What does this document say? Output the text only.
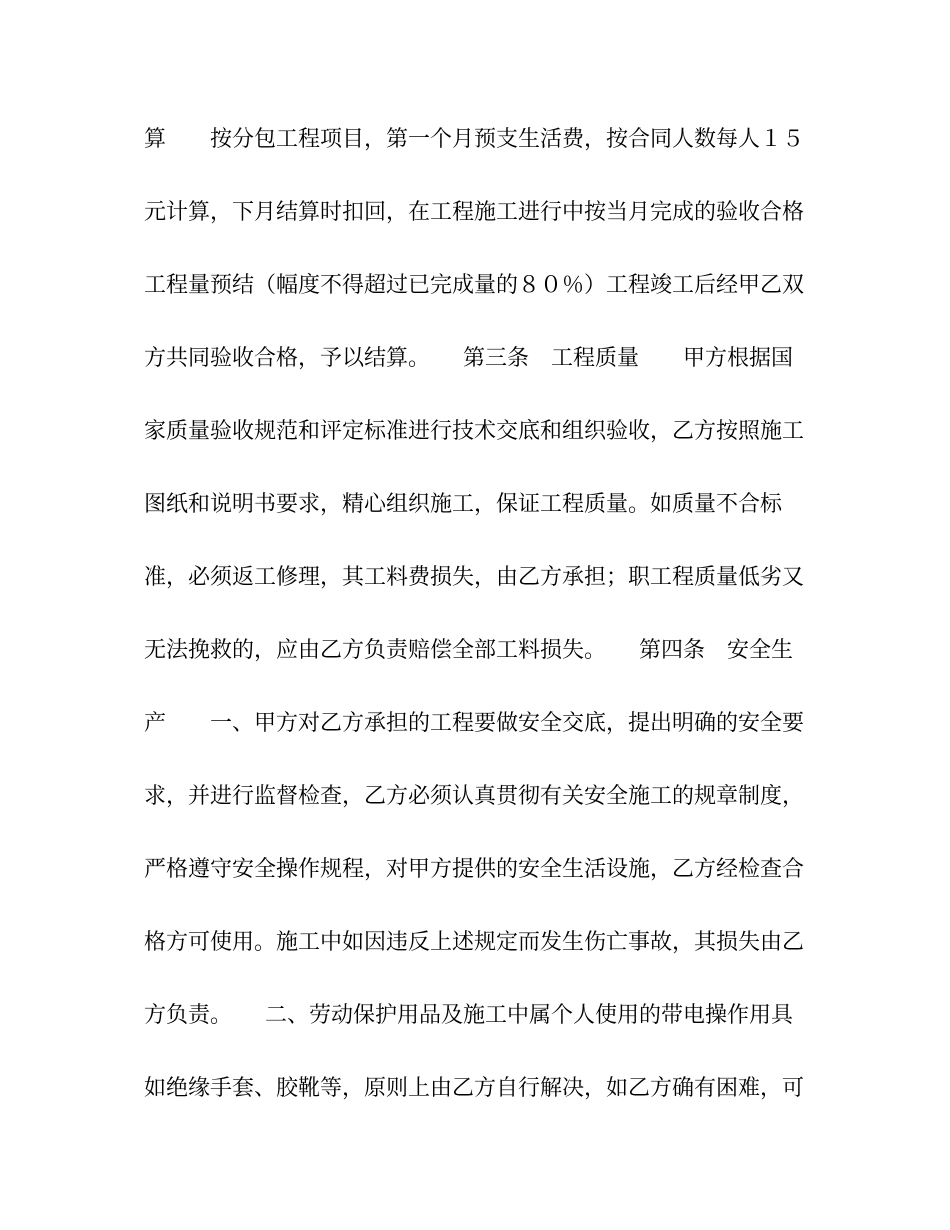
算　　按分包工程项目，第一个月预支生活费，按合同人数每人１５
元计算，下月结算时扣回，在工程施工进行中按当月完成的验收合格
工程量预结（幅度不得超过已完成量的８０％）工程竣工后经甲乙双
方共同验收合格，予以结算。　　第三条　工程质量　　甲方根据国
家质量验收规范和评定标准进行技术交底和组织验收，乙方按照施工
图纸和说明书要求，精心组织施工，保证工程质量。如质量不合标
准，必须返工修理，其工料费损失，由乙方承担；职工程质量低劣又
无法挽救的，应由乙方负责赔偿全部工料损失。　　第四条　安全生
产　　一、甲方对乙方承担的工程要做安全交底，提出明确的安全要
求，并进行监督检查，乙方必须认真贯彻有关安全施工的规章制度，
严格遵守安全操作规程，对甲方提供的安全生活设施，乙方经检查合
格方可使用。施工中如因违反上述规定而发生伤亡事故，其损失由乙
方负责。　　二、劳动保护用品及施工中属个人使用的带电操作用具
如绝缘手套、胶靴等，原则上由乙方自行解决，如乙方确有困难，可
